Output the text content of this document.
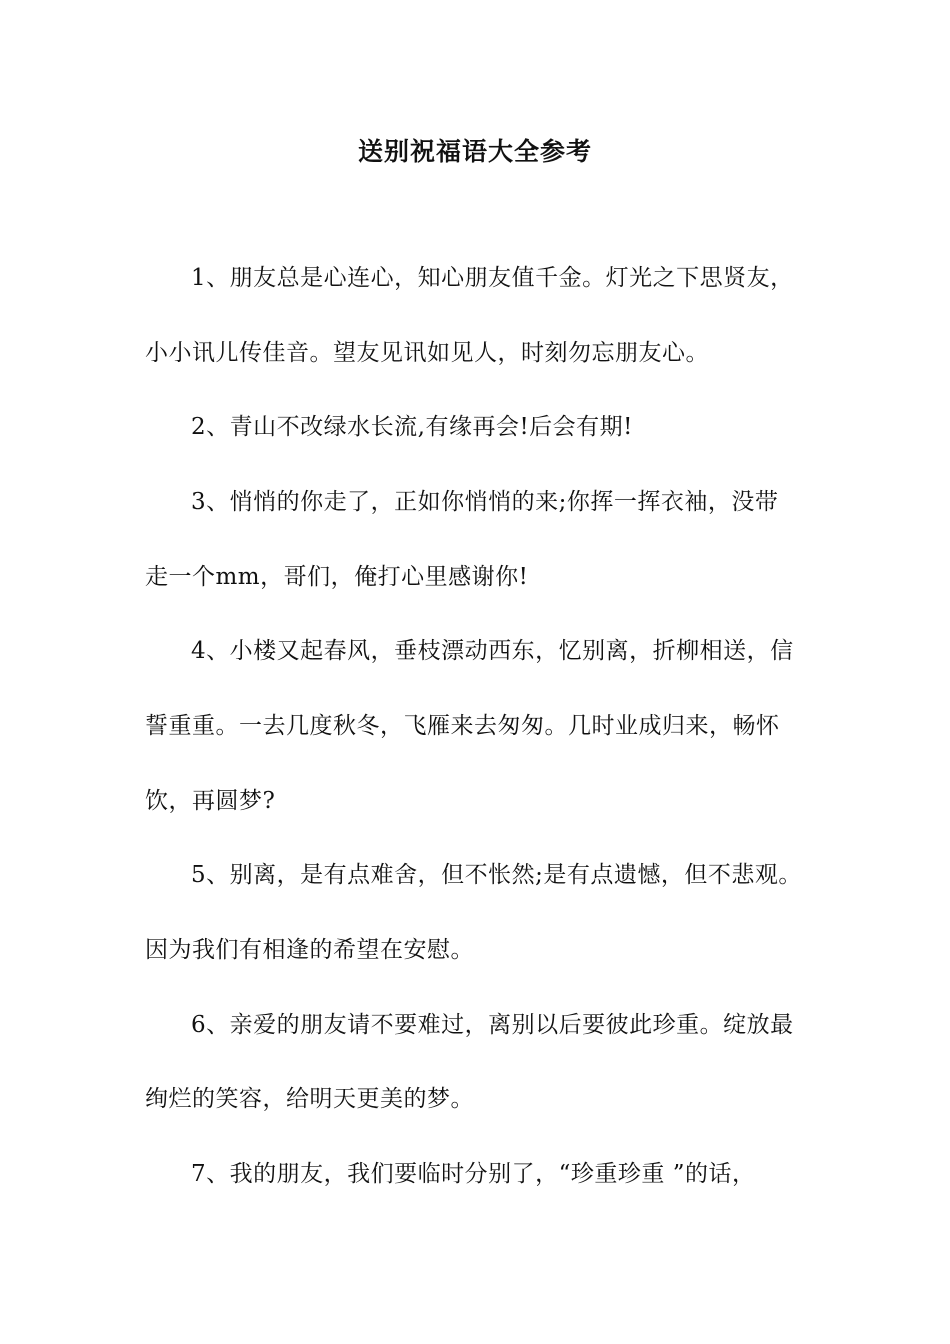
送别祝福语大全参考
1、朋友总是心连心，知心朋友值千金。灯光之下思贤友，
小小讯儿传佳音。望友见讯如见人，时刻勿忘朋友心。
2、青山不改绿水长流,有缘再会!后会有期!
3、悄悄的你走了，正如你悄悄的来;你挥一挥衣袖，没带
走一个mm，哥们，俺打心里感谢你!
4、小楼又起春风，垂枝漂动西东，忆别离，折柳相送，信
誓重重。一去几度秋冬，飞雁来去匆匆。几时业成归来，畅怀
饮，再圆梦?
5、别离，是有点难舍，但不怅然;是有点遗憾，但不悲观。
因为我们有相逢的希望在安慰。
6、亲爱的朋友请不要难过，离别以后要彼此珍重。绽放最
绚烂的笑容，给明天更美的梦。
7、我的朋友，我们要临时分别了，“珍重珍重 ”的话，
